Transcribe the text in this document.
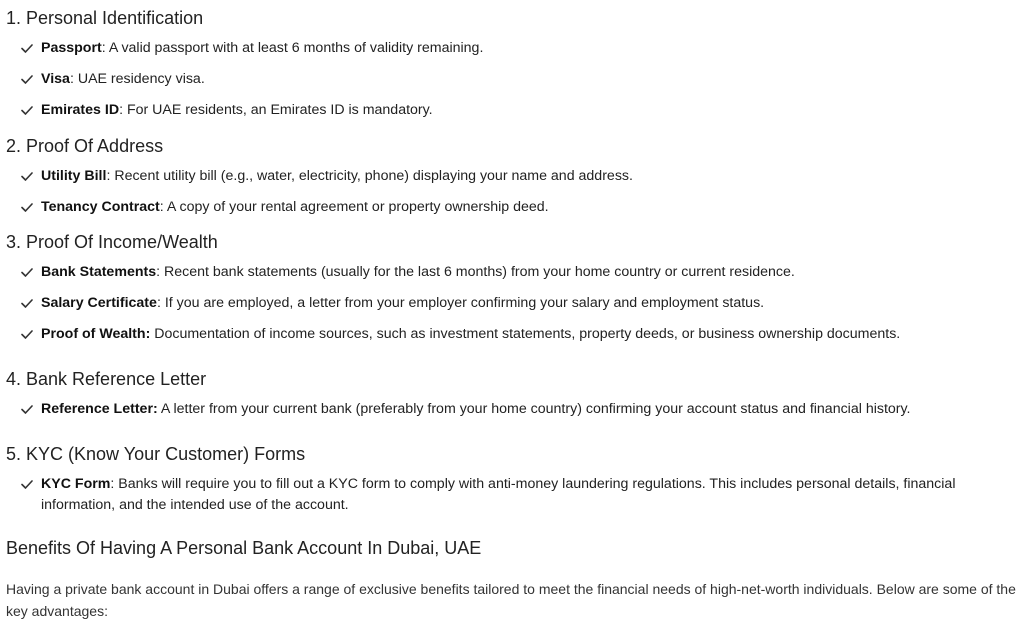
1. Personal Identification
Passport: A valid passport with at least 6 months of validity remaining.
Visa: UAE residency visa.
Emirates ID: For UAE residents, an Emirates ID is mandatory.
2. Proof Of Address
Utility Bill: Recent utility bill (e.g., water, electricity, phone) displaying your name and address.
Tenancy Contract: A copy of your rental agreement or property ownership deed.
3. Proof Of Income/Wealth
Bank Statements: Recent bank statements (usually for the last 6 months) from your home country or current residence.
Salary Certificate: If you are employed, a letter from your employer confirming your salary and employment status.
Proof of Wealth: Documentation of income sources, such as investment statements, property deeds, or business ownership documents.
4. Bank Reference Letter
Reference Letter: A letter from your current bank (preferably from your home country) confirming your account status and financial history.
5. KYC (Know Your Customer) Forms
KYC Form: Banks will require you to fill out a KYC form to comply with anti-money laundering regulations. This includes personal details, financial information, and the intended use of the account.
Benefits Of Having A Personal Bank Account In Dubai, UAE

Having a private bank account in Dubai offers a range of exclusive benefits tailored to meet the financial needs of high-net-worth individuals. Below are some of the key advantages:
